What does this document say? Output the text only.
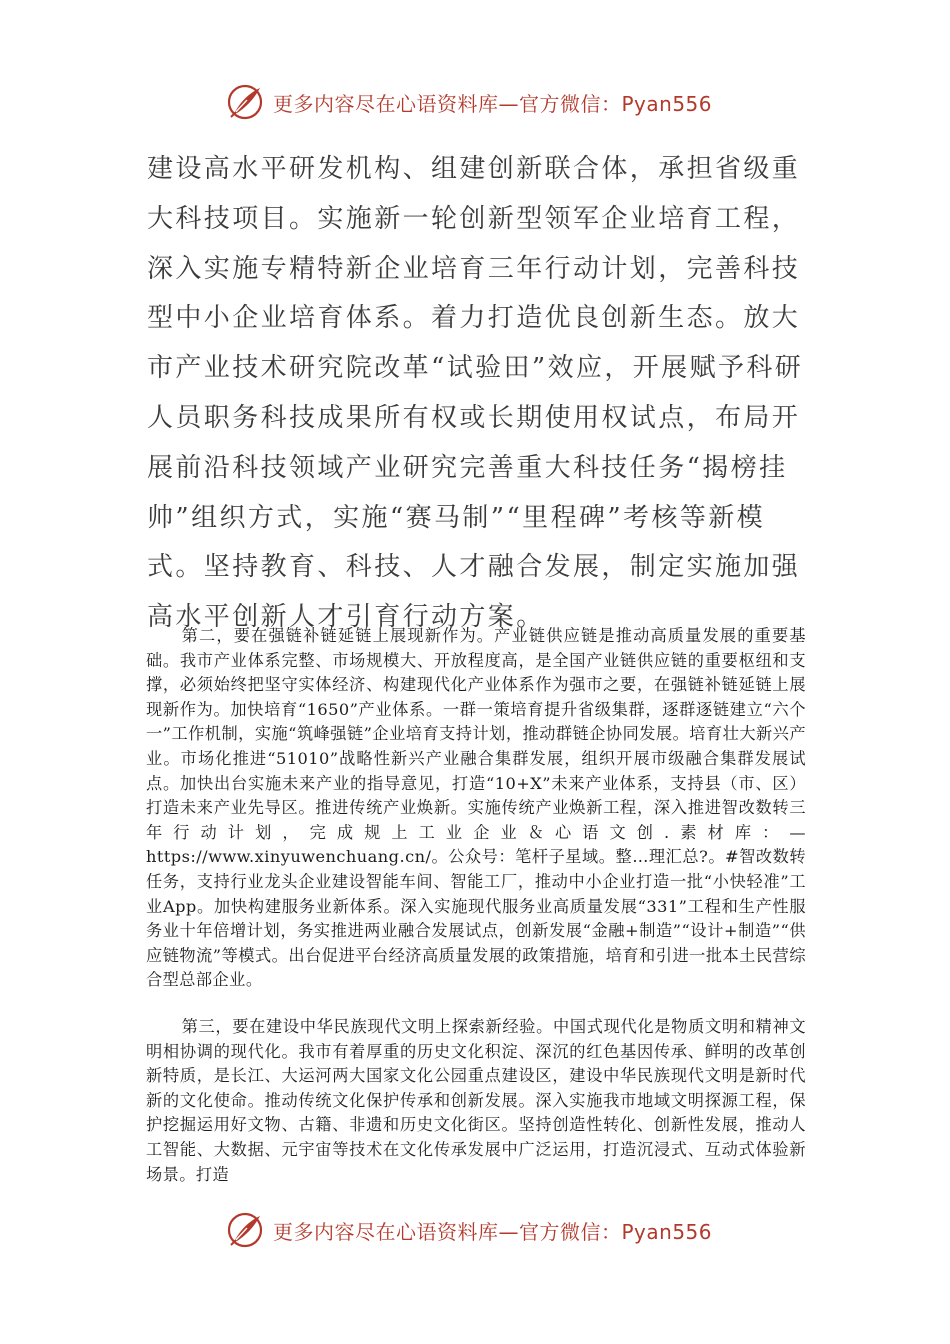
更多内容尽在心语资料库—官方微信：Pyan556

建设高水平研发机构、组建创新联合体，承担省级重大科技项目。实施新一轮创新型领军企业培育工程，深入实施专精特新企业培育三年行动计划，完善科技型中小企业培育体系。着力打造优良创新生态。放大市产业技术研究院改革“试验田”效应，开展赋予科研人员职务科技成果所有权或长期使用权试点，布局开展前沿科技领域产业研究完善重大科技任务“揭榜挂帅”组织方式，实施“赛马制”“里程碑”考核等新模式。坚持教育、科技、人才融合发展，制定实施加强高水平创新人才引育行动方案。

第二，要在强链补链延链上展现新作为。产业链供应链是推动高质量发展的重要基础。我市产业体系完整、市场规模大、开放程度高，是全国产业链供应链的重要枢纽和支撑，必须始终把坚守实体经济、构建现代化产业体系作为强市之要，在强链补链延链上展现新作为。加快培育“1650”产业体系。一群一策培育提升省级集群，逐群逐链建立“六个一”工作机制，实施“筑峰强链”企业培育支持计划，推动群链企协同发展。培育壮大新兴产业。市场化推进“51010”战略性新兴产业融合集群发展，组织开展市级融合集群发展试点。加快出台实施未来产业的指导意见，打造“10+X”未来产业体系，支持县（市、区）打造未来产业先导区。推进传统产业焕新。实施传统产业焕新工程，深入推进智改数转三年行动计划，完成规上工业企业＆心语文创.素材库：—https://www.xinyuwenchuang.cn/。公众号：笔杆子星域。整…理汇总?。#智改数转任务，支持行业龙头企业建设智能车间、智能工厂，推动中小企业打造一批“小快轻准”工业App。加快构建服务业新体系。深入实施现代服务业高质量发展“331”工程和生产性服务业十年倍增计划，务实推进两业融合发展试点，创新发展“金融+制造”“设计+制造”“供应链物流”等模式。出台促进平台经济高质量发展的政策措施，培育和引进一批本土民营综合型总部企业。

第三，要在建设中华民族现代文明上探索新经验。中国式现代化是物质文明和精神文明相协调的现代化。我市有着厚重的历史文化积淀、深沉的红色基因传承、鲜明的改革创新特质，是长江、大运河两大国家文化公园重点建设区，建设中华民族现代文明是新时代新的文化使命。推动传统文化保护传承和创新发展。深入实施我市地域文明探源工程，保护挖掘运用好文物、古籍、非遗和历史文化街区。坚持创造性转化、创新性发展，推动人工智能、大数据、元宇宙等技术在文化传承发展中广泛运用，打造沉浸式、互动式体验新场景。打造

更多内容尽在心语资料库—官方微信：Pyan556
